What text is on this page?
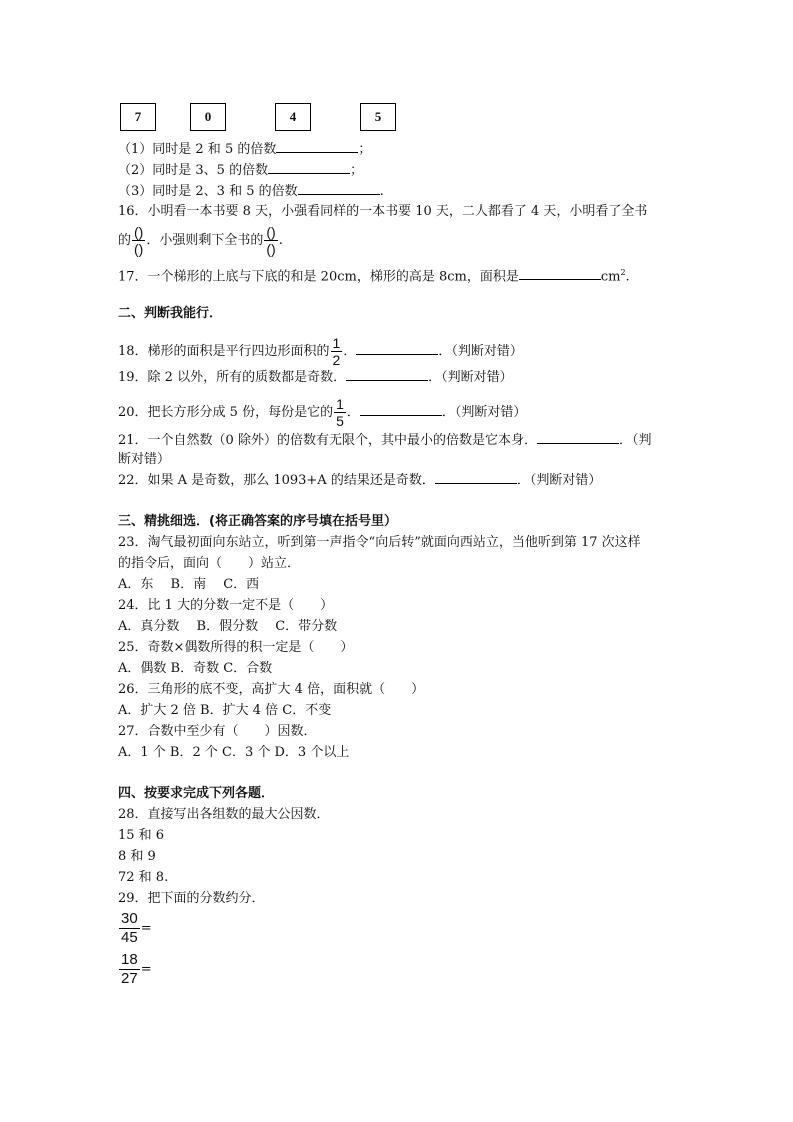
7	0	4	5
（1）同时是 2 和 5 的倍数	；
（2）同时是 3、5 的倍数	；
（3）同时是 2、3 和 5 的倍数	.
16．小明看一本书要 8 天，小强看同样的一本书要 10 天，二人都看了 4 天，小明看了全书
的 $\frac{()}{()}$ ．小强则剩下全书的 $\frac{()}{()}$ .
17．一个梯形的上底与下底的和是 20cm，梯形的高是 8cm，面积是	$cm^2$.
二、判断我能行．
18．梯形的面积是平行四边形面积的 $\frac{1}{2}$ ．	．（判断对错）
19．除 2 以外，所有的质数都是奇数．	．（判断对错）
20．把长方形分成 5 份，每份是它的 $\frac{1}{5}$ ．	．（判断对错）
21．一个自然数（0 除外）的倍数有无限个，其中最小的倍数是它本身．	．（判
断对错）
22．如果 A 是奇数，那么 1093+A 的结果还是奇数．	．（判断对错）
三、精挑细选．(将正确答案的序号填在括号里）
23．淘气最初面向东站立，听到第一声指令“向后转”就面向西站立，当他听到第 17 次这样
的指令后，面向（　　）站立．
A．东　 B．南　 C．西
24．比 1 大的分数一定不是（　　）
A．真分数　 B．假分数　 C．带分数
25．奇数×偶数所得的积一定是（　　）
A．偶数 B．奇数 C．合数
26．三角形的底不变，高扩大 4 倍，面积就（　　）
A．扩大 2 倍 B．扩大 4 倍 C．不变
27．合数中至少有（　　）因数．
A．1 个 B．2 个 C．3 个 D．3 个以上
四、按要求完成下列各题．
28．直接写出各组数的最大公因数．
15 和 6
8 和 9
72 和 8.
29．把下面的分数约分．
$\frac{30}{45}$ =
$\frac{18}{27}$ =
